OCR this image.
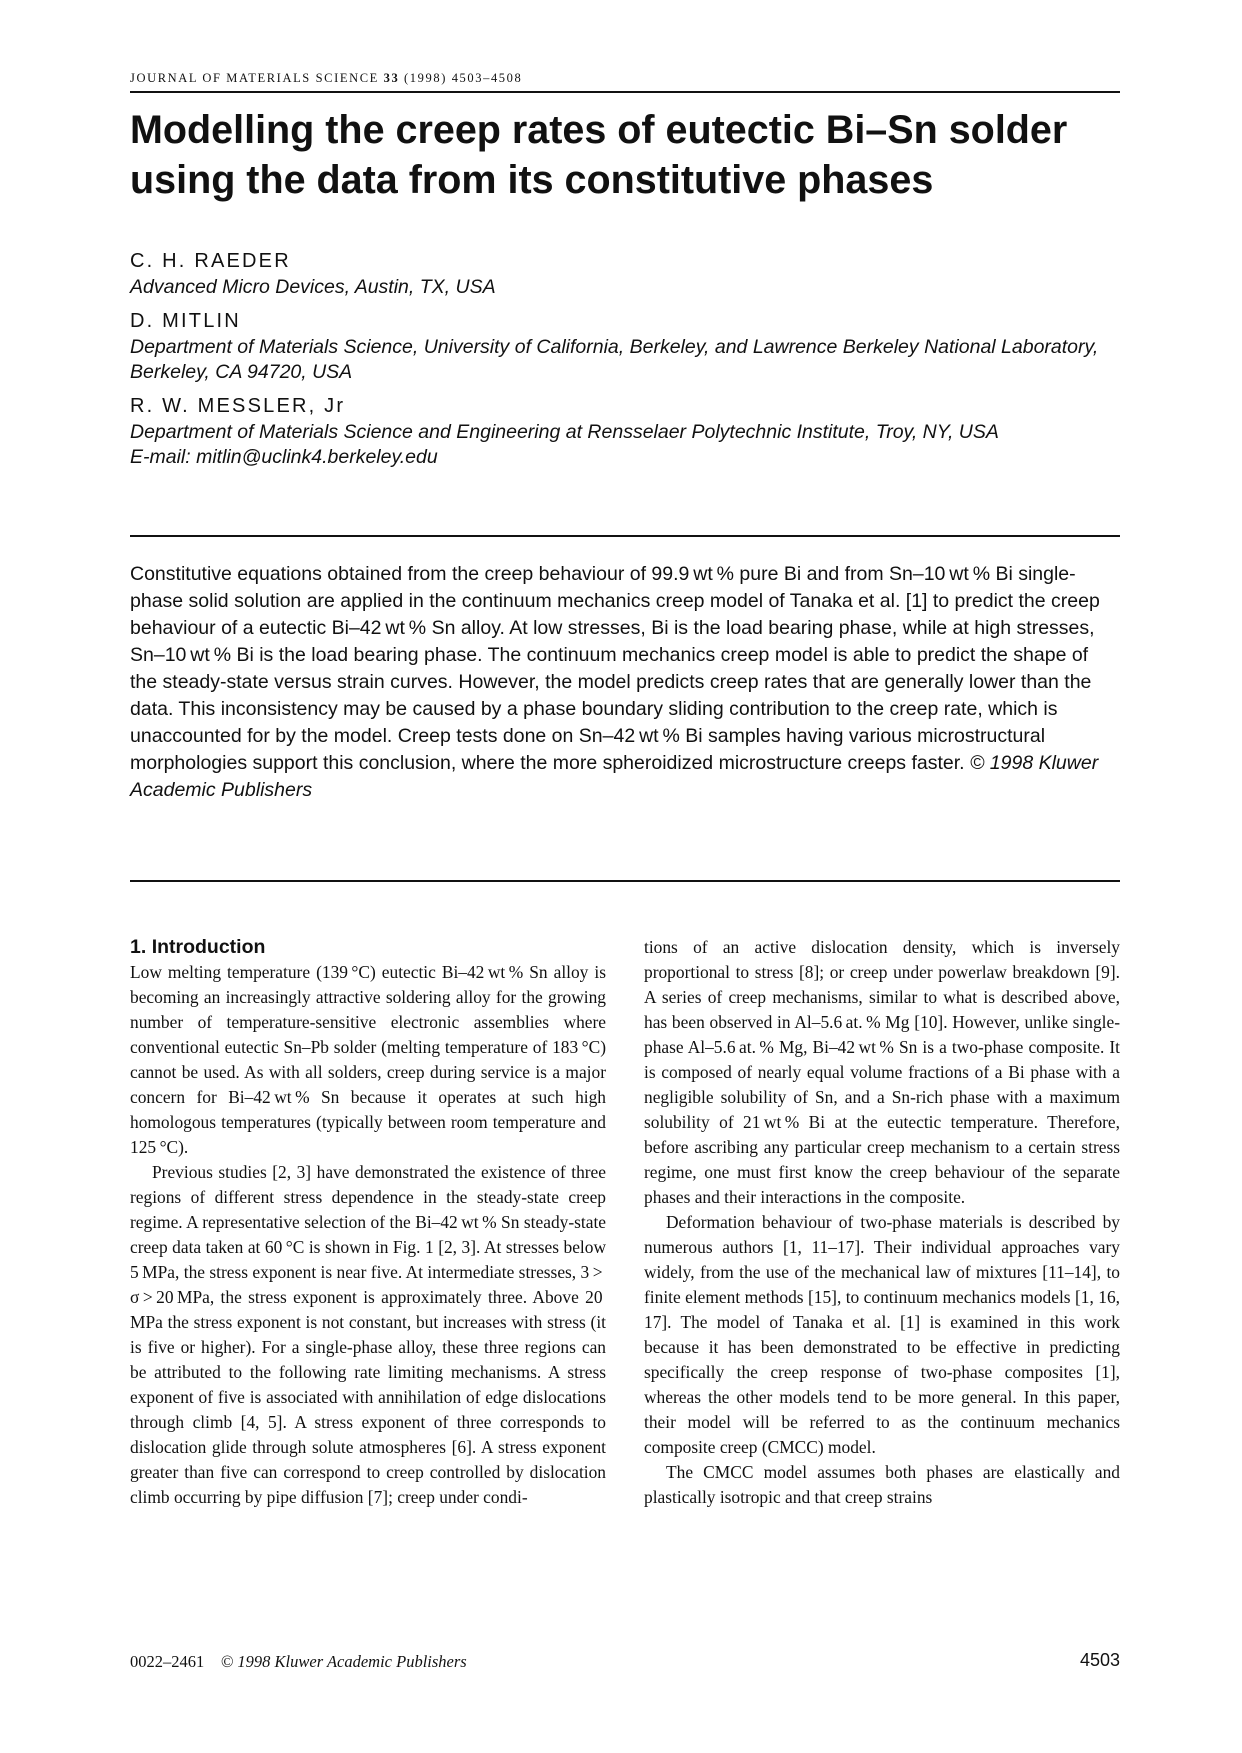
JOURNAL OF MATERIALS SCIENCE 33 (1998) 4503–4508
Modelling the creep rates of eutectic Bi–Sn solder using the data from its constitutive phases
C. H. RAEDER
Advanced Micro Devices, Austin, TX, USA
D. MITLIN
Department of Materials Science, University of California, Berkeley, and Lawrence Berkeley National Laboratory, Berkeley, CA 94720, USA
R. W. MESSLER, Jr
Department of Materials Science and Engineering at Rensselaer Polytechnic Institute, Troy, NY, USA
E-mail: mitlin@uclink4.berkeley.edu

Constitutive equations obtained from the creep behaviour of 99.9 wt % pure Bi and from Sn–10 wt % Bi single-phase solid solution are applied in the continuum mechanics creep model of Tanaka et al. [1] to predict the creep behaviour of a eutectic Bi–42 wt % Sn alloy. At low stresses, Bi is the load bearing phase, while at high stresses, Sn–10 wt % Bi is the load bearing phase. The continuum mechanics creep model is able to predict the shape of the steady-state versus strain curves. However, the model predicts creep rates that are generally lower than the data. This inconsistency may be caused by a phase boundary sliding contribution to the creep rate, which is unaccounted for by the model. Creep tests done on Sn–42 wt % Bi samples having various microstructural morphologies support this conclusion, where the more spheroidized microstructure creeps faster. © 1998 Kluwer Academic Publishers

1. Introduction

Low melting temperature (139 °C) eutectic Bi–42 wt % Sn alloy is becoming an increasingly attractive soldering alloy for the growing number of temperature-sensitive electronic assemblies where conventional eutectic Sn–Pb solder (melting temperature of 183 °C) cannot be used. As with all solders, creep during service is a major concern for Bi–42 wt % Sn because it operates at such high homologous temperatures (typically between room temperature and 125 °C).

Previous studies [2, 3] have demonstrated the existence of three regions of different stress dependence in the steady-state creep regime. A representative selection of the Bi–42 wt % Sn steady-state creep data taken at 60 °C is shown in Fig. 1 [2, 3]. At stresses below 5 MPa, the stress exponent is near five. At intermediate stresses, 3 > σ > 20 MPa, the stress exponent is approximately three. Above 20 MPa the stress exponent is not constant, but increases with stress (it is five or higher). For a single-phase alloy, these three regions can be attributed to the following rate limiting mechanisms. A stress exponent of five is associated with annihilation of edge dislocations through climb [4, 5]. A stress exponent of three corresponds to dislocation glide through solute atmospheres [6]. A stress exponent greater than five can correspond to creep controlled by dislocation climb occurring by pipe diffusion [7]; creep under condi-

tions of an active dislocation density, which is inversely proportional to stress [8]; or creep under powerlaw breakdown [9]. A series of creep mechanisms, similar to what is described above, has been observed in Al–5.6 at. % Mg [10]. However, unlike single-phase Al–5.6 at. % Mg, Bi–42 wt % Sn is a two-phase composite. It is composed of nearly equal volume fractions of a Bi phase with a negligible solubility of Sn, and a Sn-rich phase with a maximum solubility of 21 wt % Bi at the eutectic temperature. Therefore, before ascribing any particular creep mechanism to a certain stress regime, one must first know the creep behaviour of the separate phases and their interactions in the composite.

Deformation behaviour of two-phase materials is described by numerous authors [1, 11–17]. Their individual approaches vary widely, from the use of the mechanical law of mixtures [11–14], to finite element methods [15], to continuum mechanics models [1, 16, 17]. The model of Tanaka et al. [1] is examined in this work because it has been demonstrated to be effective in predicting specifically the creep response of two-phase composites [1], whereas the other models tend to be more general. In this paper, their model will be referred to as the continuum mechanics composite creep (CMCC) model.

The CMCC model assumes both phases are elastically and plastically isotropic and that creep strains

0022–2461 © 1998 Kluwer Academic Publishers	4503
